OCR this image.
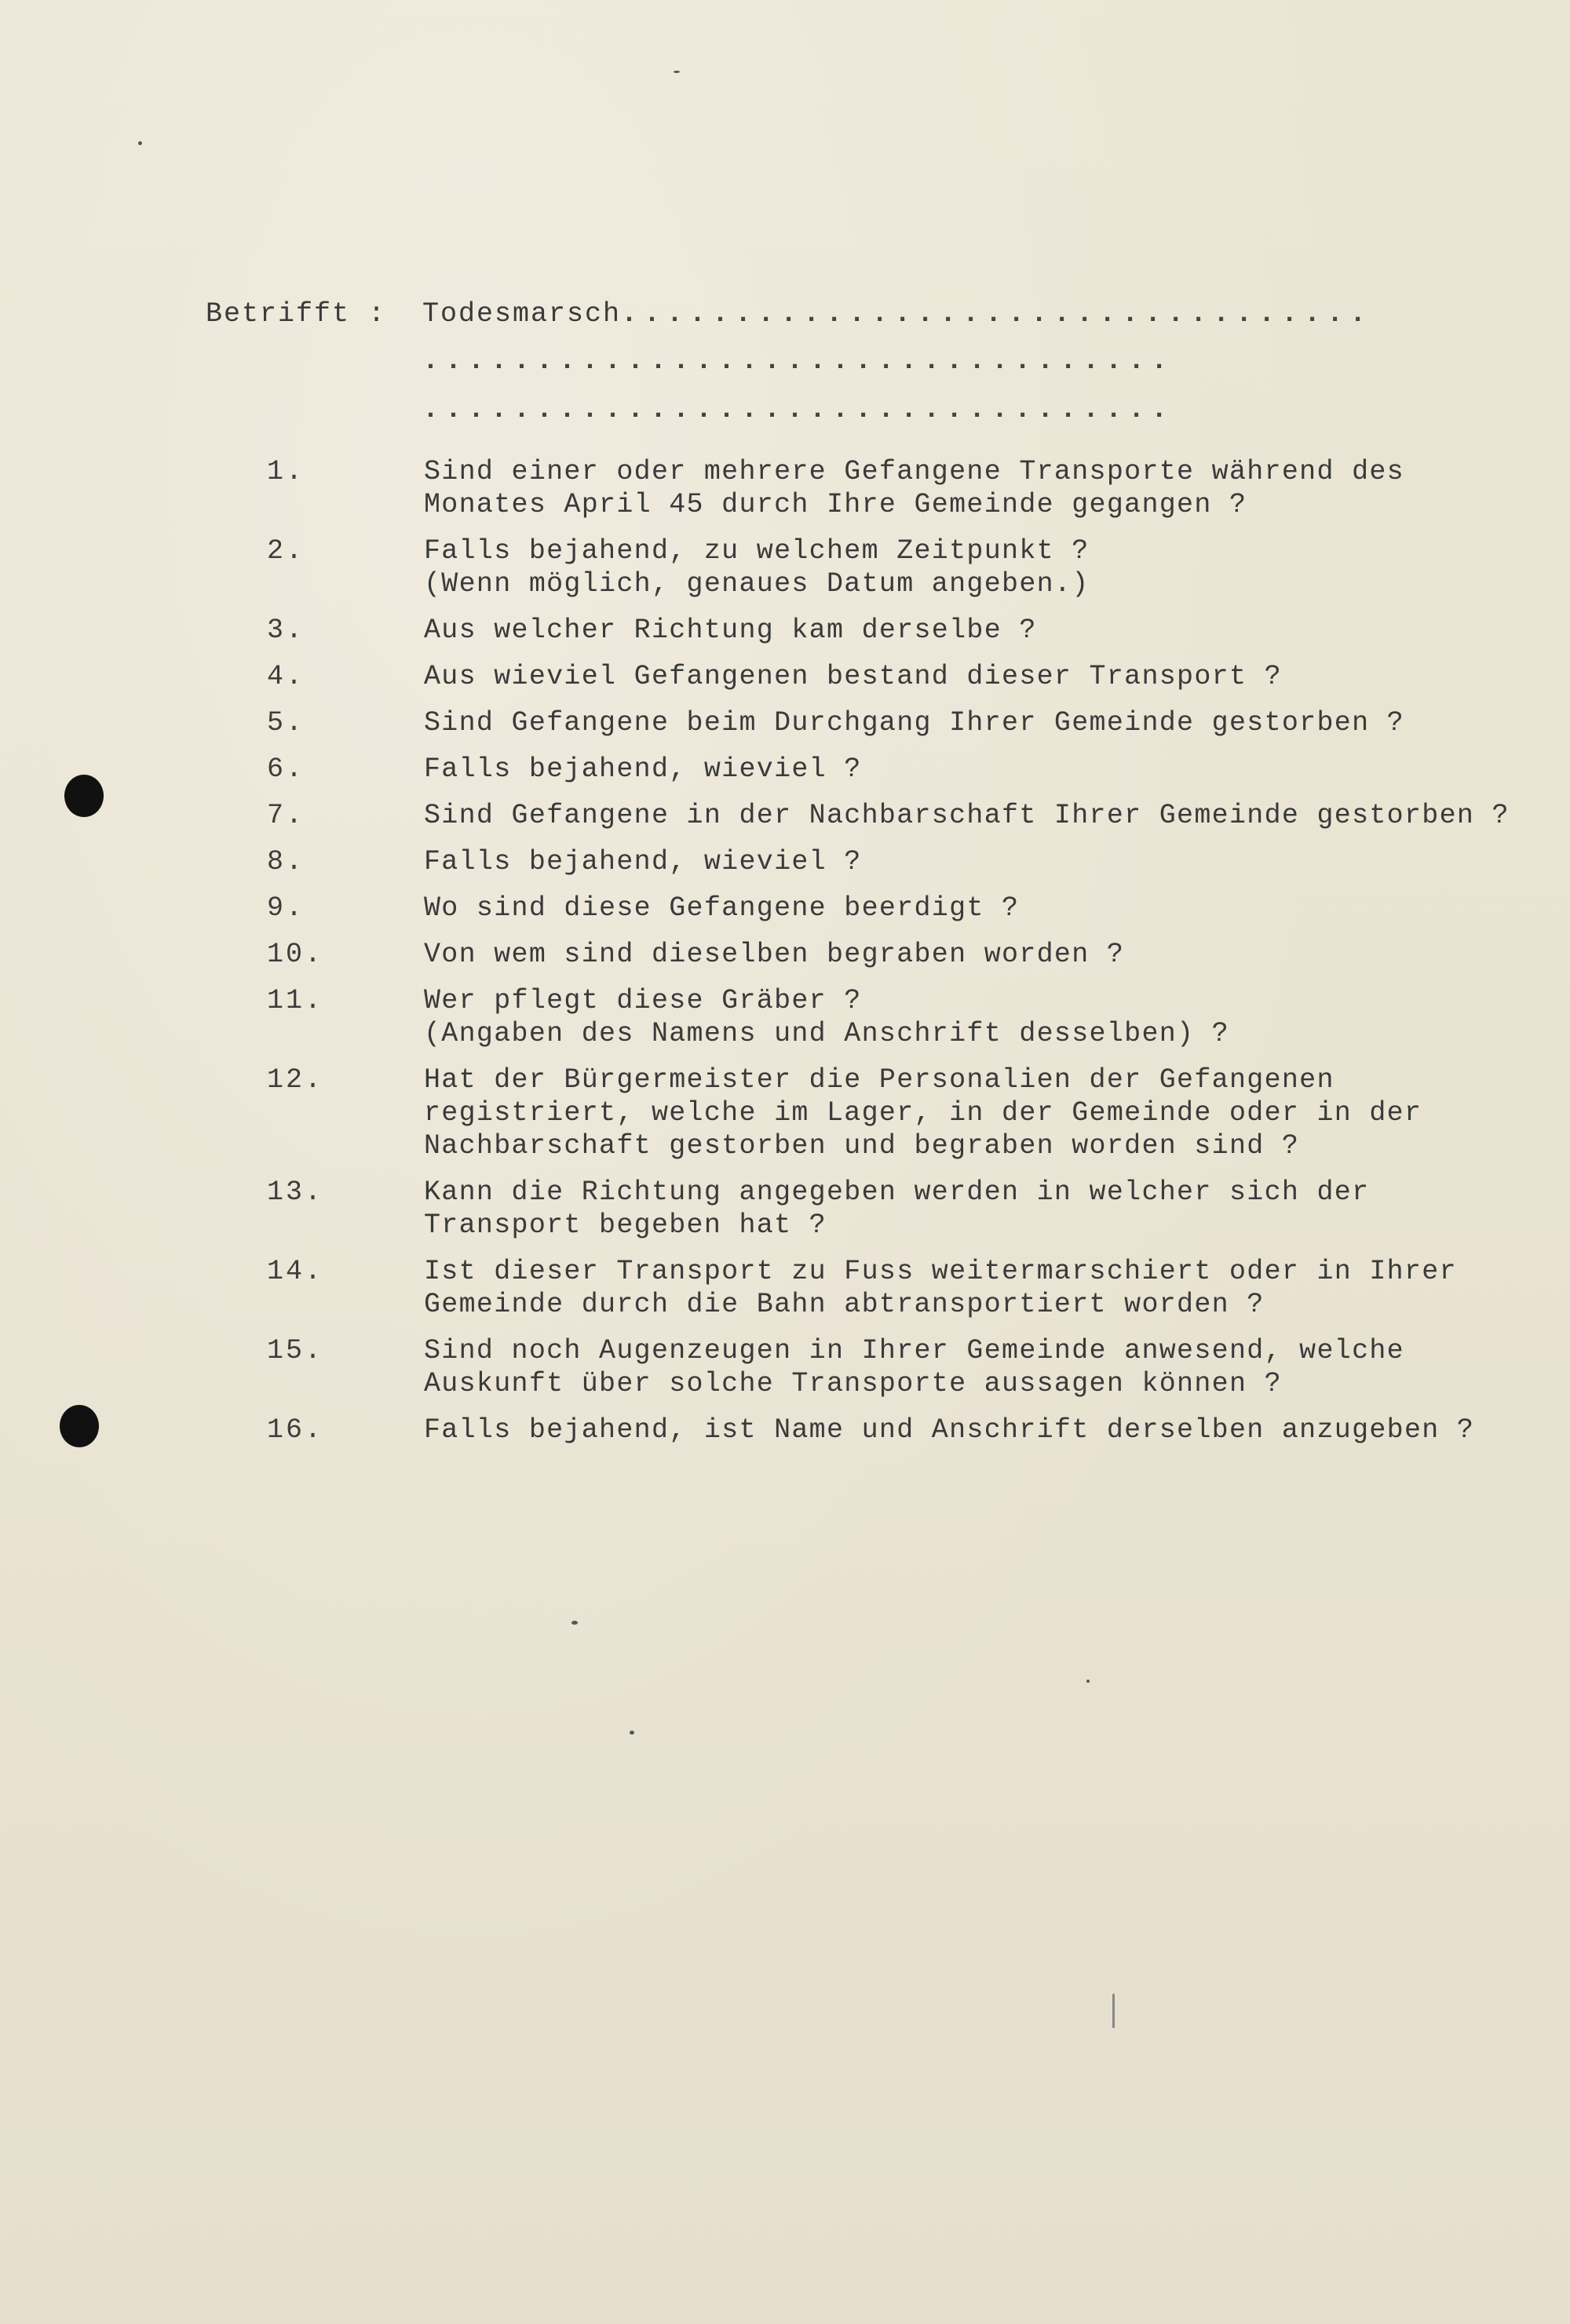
Betrifft :	Todesmarsch .................................
.................................
.................................
1.	Sind einer oder mehrere Gefangene Transporte während des Monates April 45 durch Ihre Gemeinde gegangen ?
2.	Falls bejahend, zu welchem Zeitpunkt ?
(Wenn möglich, genaues Datum angeben.)
3.	Aus welcher Richtung kam derselbe ?
4.	Aus wieviel Gefangenen bestand dieser Transport ?
5.	Sind Gefangene beim Durchgang Ihrer Gemeinde gestorben ?
6.	Falls bejahend, wieviel ?
7.	Sind Gefangene in der Nachbarschaft Ihrer Gemeinde gestorben ?
8.	Falls bejahend, wieviel ?
9.	Wo sind diese Gefangene beerdigt ?
10.	Von wem sind dieselben begraben worden ?
11.	Wer pflegt diese Gräber ?
(Angaben des Namens und Anschrift desselben) ?
12.	Hat der Bürgermeister die Personalien der Gefangenen registriert, welche im Lager, in der Gemeinde oder in der Nachbarschaft gestorben und begraben worden sind ?
13.	Kann die Richtung angegeben werden in welcher sich der Transport begeben hat ?
14.	Ist dieser Transport zu Fuss weitermarschiert oder in Ihrer Gemeinde durch die Bahn abtransportiert worden ?
15.	Sind noch Augenzeugen in Ihrer Gemeinde anwesend, welche Auskunft über solche Transporte aussagen können ?
16.	Falls bejahend, ist Name und Anschrift derselben anzugeben ?
